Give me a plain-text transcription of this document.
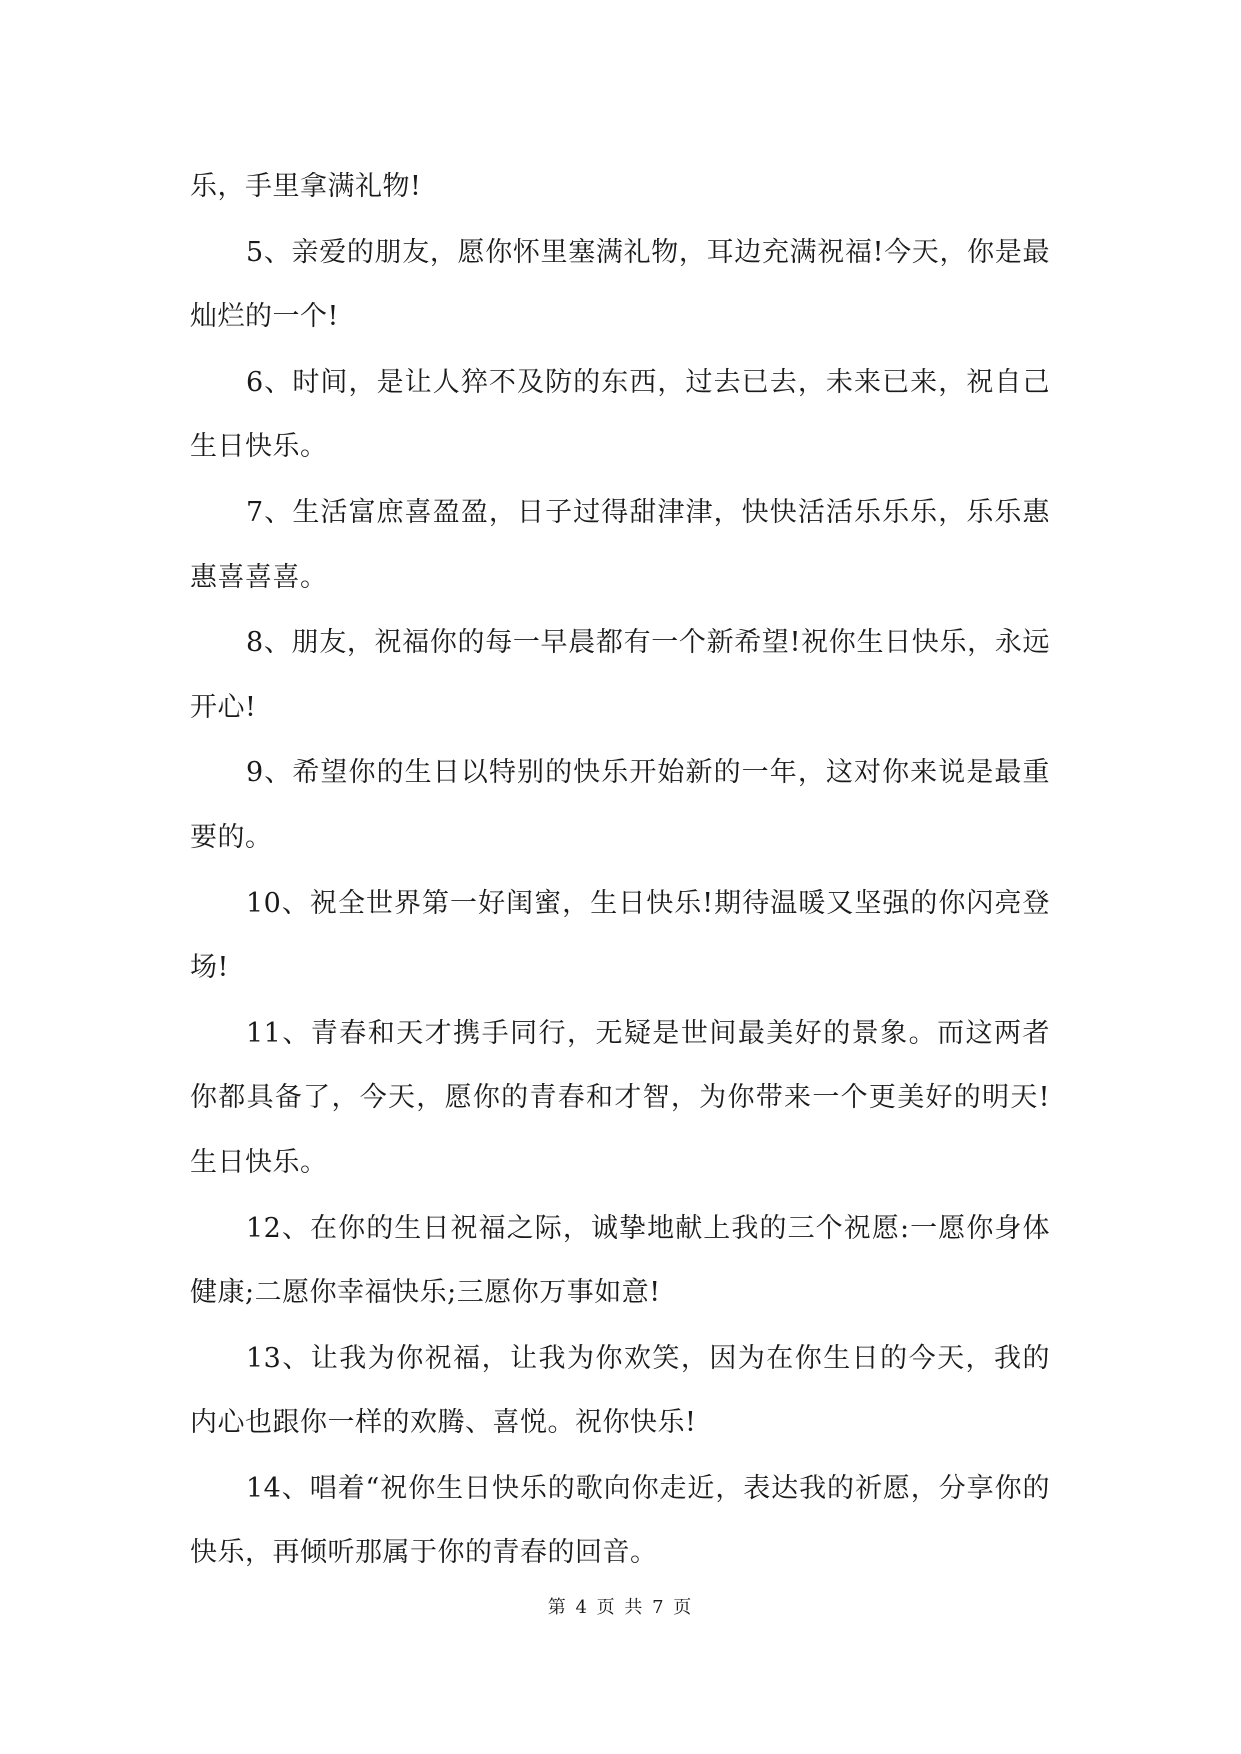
乐，手里拿满礼物!

5、亲爱的朋友，愿你怀里塞满礼物，耳边充满祝福!今天，你是最灿烂的一个!

6、时间，是让人猝不及防的东西，过去已去，未来已来，祝自己生日快乐。

7、生活富庶喜盈盈，日子过得甜津津，快快活活乐乐乐，乐乐惠惠喜喜喜。

8、朋友，祝福你的每一早晨都有一个新希望!祝你生日快乐，永远开心!

9、希望你的生日以特别的快乐开始新的一年，这对你来说是最重要的。

10、祝全世界第一好闺蜜，生日快乐!期待温暖又坚强的你闪亮登场!

11、青春和天才携手同行，无疑是世间最美好的景象。而这两者你都具备了，今天，愿你的青春和才智，为你带来一个更美好的明天!生日快乐。

12、在你的生日祝福之际，诚挚地献上我的三个祝愿:一愿你身体健康;二愿你幸福快乐;三愿你万事如意!

13、让我为你祝福，让我为你欢笑，因为在你生日的今天，我的内心也跟你一样的欢腾、喜悦。祝你快乐!

14、唱着“祝你生日快乐的歌向你走近，表达我的祈愿，分享你的快乐，再倾听那属于你的青春的回音。

第 4 页 共 7 页
